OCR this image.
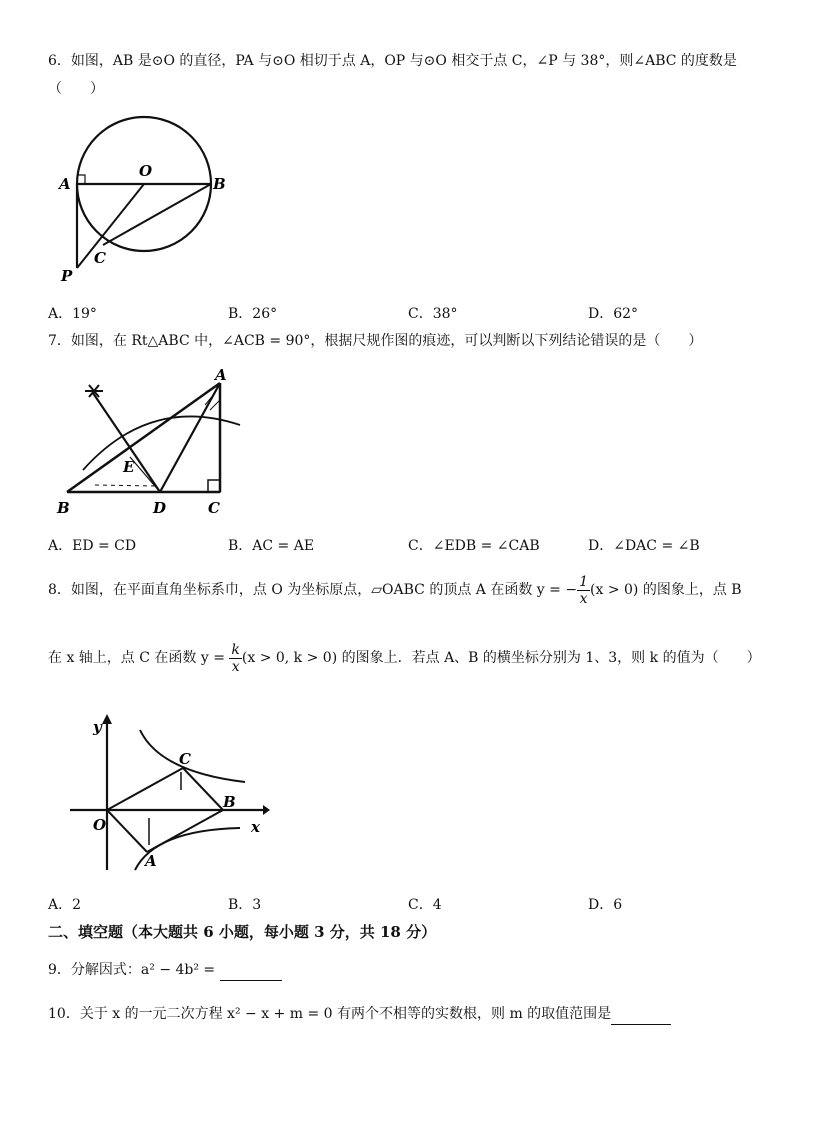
6．如图，AB 是⊙O 的直径，PA 与⊙O 相切于点 A，OP 与⊙O 相交于点 C，∠P 与 38°，则∠ABC 的度数是
（　　）
A
O
B
C
P
A．19°	B．26°	C．38°	D．62°
7．如图，在 Rt△ABC 中，∠ACB = 90°，根据尺规作图的痕迹，可以判断以下列结论错误的是（　　）
A
B	C
D
E
A．ED = CD	B．AC = AE	C．∠EDB = ∠CAB	D．∠DAC = ∠B
8．如图，在平面直角坐标系巾，点 O 为坐标原点，▱OABC 的顶点 A 在函数 y = − $\frac{1}{x} (x > 0)$ 的图象上，点 B
在 x 轴上，点 C 在函数 $y = \frac{k}{x} (x > 0$, k > 0) 的图象上．若点 A、B 的横坐标分别为 1、3，则 k 的值为（　　）
y
x
O
A
B
C
A．2	B．3	C．4	D．6
二、填空题（本大题共 6 小题，每小题 3 分，共 18 分）
9．分解因式：a² − 4b² =
10．关于 x 的一元二次方程 x² − x + m = 0 有两个不相等的实数根，则 m 的取值范围是
